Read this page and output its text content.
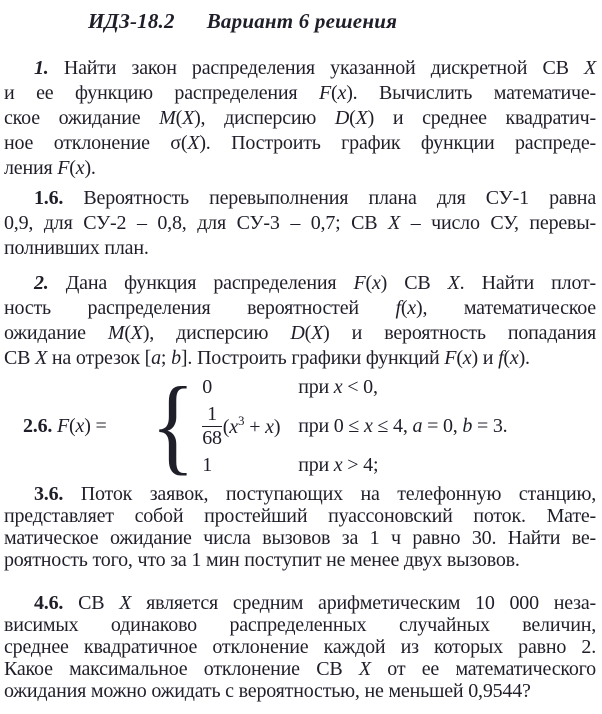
ИДЗ-18.2 Вариант 6 решения
1. Найти закон распределения указанной дискретной СВ X
и ее функцию распределения F(x). Вычислить математиче-
ское ожидание M(X), дисперсию D(X) и среднее квадратич-
ное отклонение σ(X). Построить график функции распреде-
ления F(x).
1.6. Вероятность перевыполнения плана для СУ-1 равна
0,9, для СУ-2 – 0,8, для СУ-3 – 0,7; СВ X – число СУ, перевы-
полнивших план.
2. Дана функция распределения F(x) СВ X. Найти плот-
ность распределения вероятностей f(x), математическое
ожидание M(X), дисперсию D(X) и вероятность попадания
СВ X на отрезок [a; b]. Построить графики функций F(x) и f(x).
2.6. F(x) = { 0	при x < 0,
$\frac{1}{68} (x^3 + x)$ при 0 ≤ x ≤ 4, a = 0, b = 3.
1	при x > 4;
3.6. Поток заявок, поступающих на телефонную станцию,
представляет собой простейший пуассоновский поток. Мате-
матическое ожидание числа вызовов за 1 ч равно 30. Найти ве-
роятность того, что за 1 мин поступит не менее двух вызовов.
4.6. СВ X является средним арифметическим 10 000 неза-
висимых одинаково распределенных случайных величин,
среднее квадратичное отклонение каждой из которых равно 2.
Какое максимальное отклонение СВ X от ее математического
ожидания можно ожидать с вероятностью, не меньшей 0,9544?
